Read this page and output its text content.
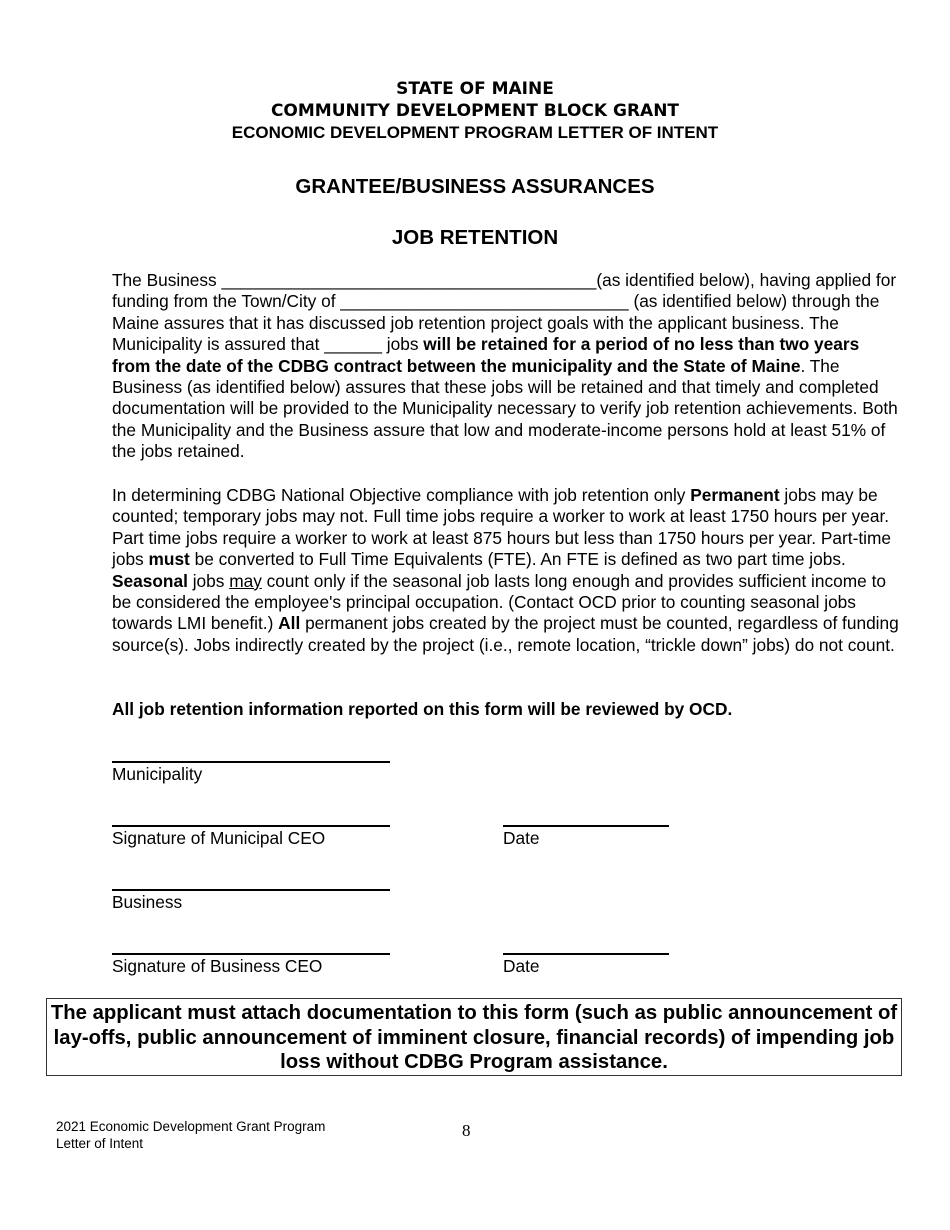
STATE OF MAINE
COMMUNITY DEVELOPMENT BLOCK GRANT
ECONOMIC DEVELOPMENT PROGRAM LETTER OF INTENT
GRANTEE/BUSINESS ASSURANCES
JOB RETENTION
The Business _______________________________________(as identified below), having applied for funding from the Town/City of ______________________________ (as identified below) through the Maine assures that it has discussed job retention project goals with the applicant business. The Municipality is assured that ______ jobs will be retained for a period of no less than two years from the date of the CDBG contract between the municipality and the State of Maine. The Business (as identified below) assures that these jobs will be retained and that timely and completed documentation will be provided to the Municipality necessary to verify job retention achievements. Both the Municipality and the Business assure that low and moderate-income persons hold at least 51% of the jobs retained.
In determining CDBG National Objective compliance with job retention only Permanent jobs may be counted; temporary jobs may not. Full time jobs require a worker to work at least 1750 hours per year. Part time jobs require a worker to work at least 875 hours but less than 1750 hours per year. Part-time jobs must be converted to Full Time Equivalents (FTE). An FTE is defined as two part time jobs. Seasonal jobs may count only if the seasonal job lasts long enough and provides sufficient income to be considered the employee's principal occupation. (Contact OCD prior to counting seasonal jobs towards LMI benefit.) All permanent jobs created by the project must be counted, regardless of funding source(s). Jobs indirectly created by the project (i.e., remote location, “trickle down” jobs) do not count.
All job retention information reported on this form will be reviewed by OCD.
Municipality
Signature of Municipal CEO	Date
Business
Signature of Business CEO	Date
The applicant must attach documentation to this form (such as public announcement of lay-offs, public announcement of imminent closure, financial records) of impending job loss without CDBG Program assistance.
2021 Economic Development Grant Program
Letter of Intent
8
